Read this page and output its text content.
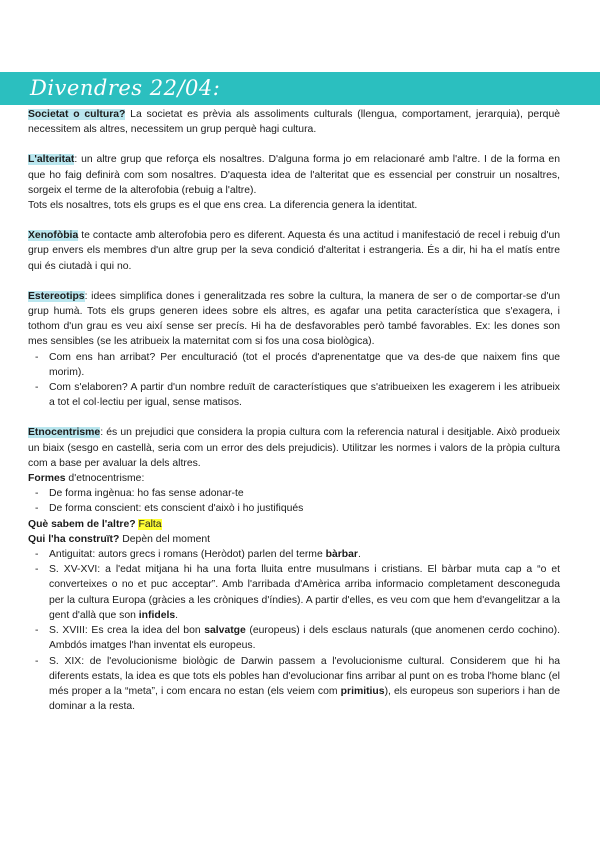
Divendres 22/04:

Societat o cultura? La societat es prèvia als assoliments culturals (llengua, comportament, jerarquia), perquè necessitem als altres, necessitem un grup perquè hagi cultura.

L'alteritat: un altre grup que reforça els nosaltres. D'alguna forma jo em relacionaré amb l'altre. I de la forma en que ho faig definirà com som nosaltres. D'aquesta idea de l'alteritat que es essencial per construir un nosaltres, sorgeix el terme de la alterofobia (rebuig a l'altre).

Tots els nosaltres, tots els grups es el que ens crea. La diferencia genera la identitat.

Xenofòbia te contacte amb alterofobia pero es diferent. Aquesta és una actitud i manifestació de recel i rebuig d'un grup envers els membres d'un altre grup per la seva condició d'alteritat i estrangeria. És a dir, hi ha el matís entre qui és ciutadà i qui no.

Estereotips: idees simplifica dones i generalitzada res sobre la cultura, la manera de ser o de comportar-se d'un grup humà. Tots els grups generen idees sobre els altres, es agafar una petita característica que s'exagera, i tothom d'un grau es veu així sense ser precís. Hi ha de desfavorables però també favorables. Ex: les dones son mes sensibles (se les atribueix la maternitat com si fos una cosa biològica).

- Com ens han arribat? Per enculturació (tot el procés d'aprenentatge que va des-de que naixem fins que morim).
- Com s'elaboren? A partir d'un nombre reduït de característiques que s'atribueixen les exagerem i les atribueix a tot el col·lectiu per igual, sense matisos.

Etnocentrisme: és un prejudici que considera la propia cultura com la referencia natural i desitjable. Això produeix un biaix (sesgo en castellà, seria com un error des dels prejudicis). Utilitzar les normes i valors de la pròpia cultura com a base per avaluar la dels altres.

Formes d'etnocentrisme:

- De forma ingènua: ho fas sense adonar-te
- De forma conscient: ets conscient d'això i ho justifiqués

Què sabem de l'altre? Falta

Qui l'ha construït? Depèn del moment

- Antiguitat: autors grecs i romans (Heròdot) parlen del terme bàrbar.
- S. XV-XVI: a l'edat mitjana hi ha una forta lluita entre musulmans i cristians. El bàrbar muta cap a “o et converteixes o no et puc acceptar”. Amb l'arribada d'Amèrica arriba informacio completament desconeguda per la cultura Europa (gràcies a les cròniques d'índies). A partir d'elles, es veu com que hem d'evangelitzar a la gent d'allà que son infidels.
- S. XVIII: Es crea la idea del bon salvatge (europeus) i dels esclaus naturals (que anomenen cerdo cochino). Ambdós imatges l'han inventat els europeus.
- S. XIX: de l'evolucionisme biològic de Darwin passem a l'evolucionisme cultural. Considerem que hi ha diferents estats, la idea es que tots els pobles han d'evolucionar fins arribar al punt on es troba l'home blanc (el més proper a la “meta”, i com encara no estan (els veiem com primitius), els europeus son superiors i han de dominar a la resta.
